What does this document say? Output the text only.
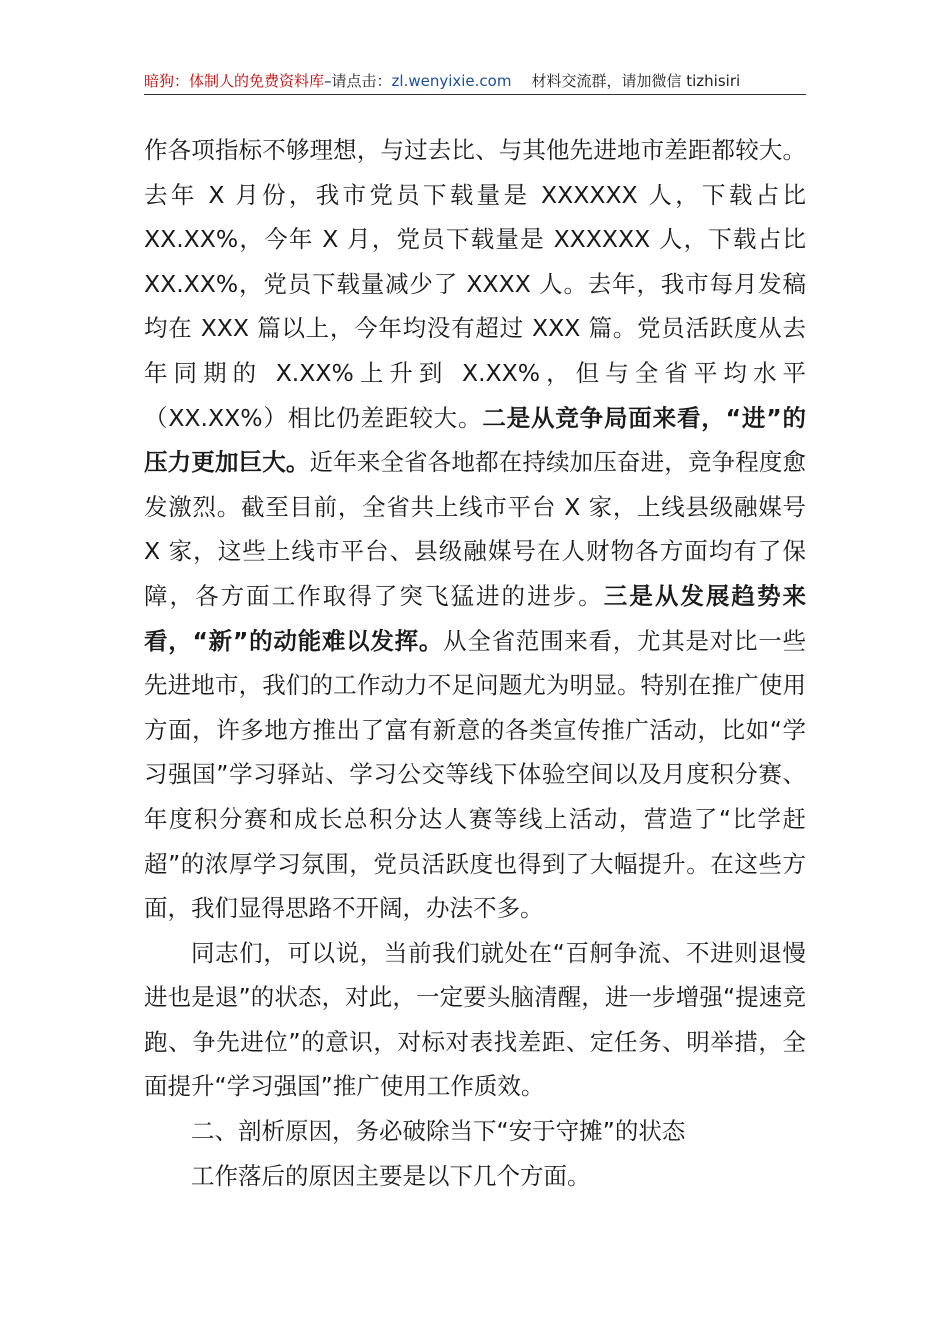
暗狗：体制人的免费资料库–请点击：zl.wenyixie.com 材料交流群，请加微信 tizhisiri

作各项指标不够理想，与过去比、与其他先进地市差距都较大。去年 X 月份，我市党员下载量是 XXXXXX 人，下载占比 XX.XX%，今年 X 月，党员下载量是 XXXXXX 人，下载占比 XX.XX%，党员下载量减少了 XXXX 人。去年，我市每月发稿均在 XXX 篇以上，今年均没有超过 XXX 篇。党员活跃度从去年同期的 X.XX%上升到 X.XX%，但与全省平均水平（XX.XX%）相比仍差距较大。二是从竞争局面来看，“进”的压力更加巨大。近年来全省各地都在持续加压奋进，竞争程度愈发激烈。截至目前，全省共上线市平台 X 家，上线县级融媒号 X 家，这些上线市平台、县级融媒号在人财物各方面均有了保障，各方面工作取得了突飞猛进的进步。三是从发展趋势来看，“新”的动能难以发挥。从全省范围来看，尤其是对比一些先进地市，我们的工作动力不足问题尤为明显。特别在推广使用方面，许多地方推出了富有新意的各类宣传推广活动，比如“学习强国”学习驿站、学习公交等线下体验空间以及月度积分赛、年度积分赛和成长总积分达人赛等线上活动，营造了“比学赶超”的浓厚学习氛围，党员活跃度也得到了大幅提升。在这些方面，我们显得思路不开阔，办法不多。

同志们，可以说，当前我们就处在“百舸争流、不进则退慢进也是退”的状态，对此，一定要头脑清醒，进一步增强“提速竞跑、争先进位”的意识，对标对表找差距、定任务、明举措，全面提升“学习强国”推广使用工作质效。

二、剖析原因，务必破除当下“安于守摊”的状态

工作落后的原因主要是以下几个方面。
